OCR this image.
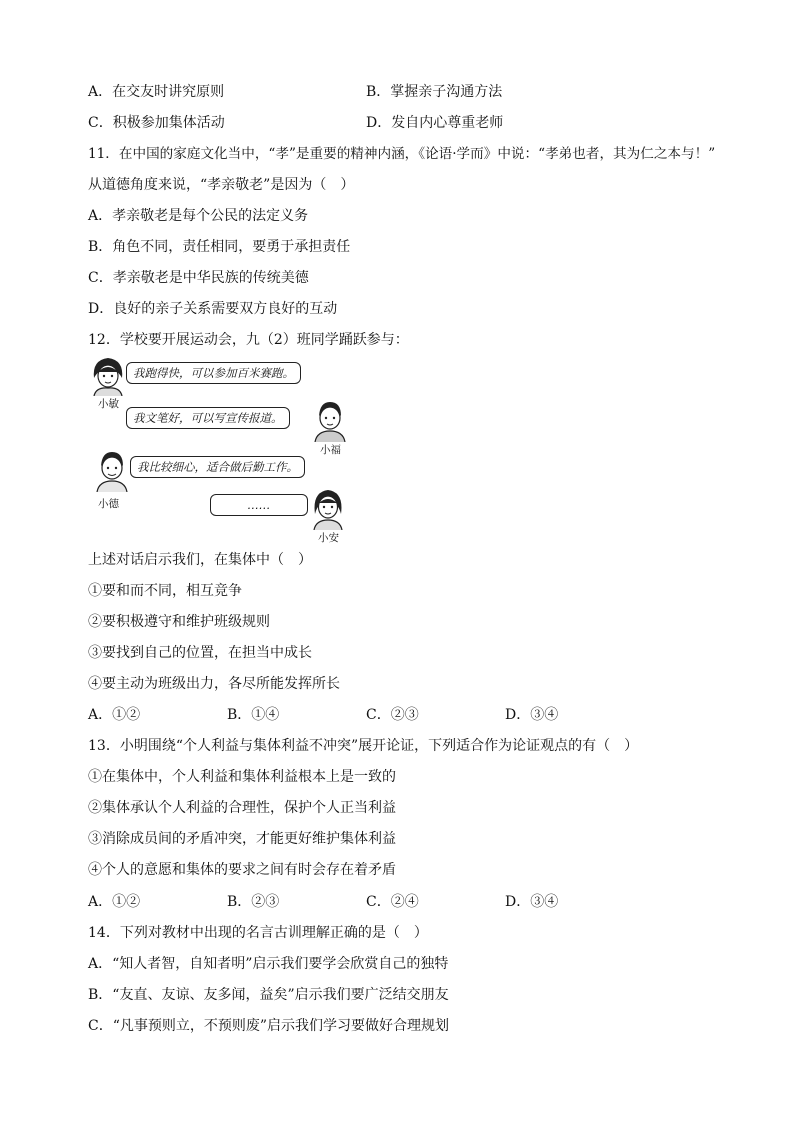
A．在交友时讲究原则	B．掌握亲子沟通方法
C．积极参加集体活动	D．发自内心尊重老师
11．在中国的家庭文化当中，“孝”是重要的精神内涵，《论语·学而》中说：“孝弟也者，其为仁之本与！”
从道德角度来说，“孝亲敬老”是因为（　）
A．孝亲敬老是每个公民的法定义务
B．角色不同，责任相同，要勇于承担责任
C．孝亲敬老是中华民族的传统美德
D．良好的亲子关系需要双方良好的互动
12．学校要开展运动会，九（2）班同学踊跃参与：
小敏
我跑得快，可以参加百米赛跑。
我文笔好，可以写宣传报道。
小福
小德
我比较细心，适合做后勤工作。
……
小安
上述对话启示我们，在集体中（　）
①要和而不同，相互竞争
②要积极遵守和维护班级规则
③要找到自己的位置，在担当中成长
④要主动为班级出力，各尽所能发挥所长
A．①②	B．①④	C．②③	D．③④
13．小明围绕“个人利益与集体利益不冲突”展开论证，下列适合作为论证观点的有（　）
①在集体中，个人利益和集体利益根本上是一致的
②集体承认个人利益的合理性，保护个人正当利益
③消除成员间的矛盾冲突，才能更好维护集体利益
④个人的意愿和集体的要求之间有时会存在着矛盾
A．①②	B．②③	C．②④	D．③④
14．下列对教材中出现的名言古训理解正确的是（　）
A．“知人者智，自知者明”启示我们要学会欣赏自己的独特
B．“友直、友谅、友多闻，益矣”启示我们要广泛结交朋友
C．“凡事预则立，不预则废”启示我们学习要做好合理规划
